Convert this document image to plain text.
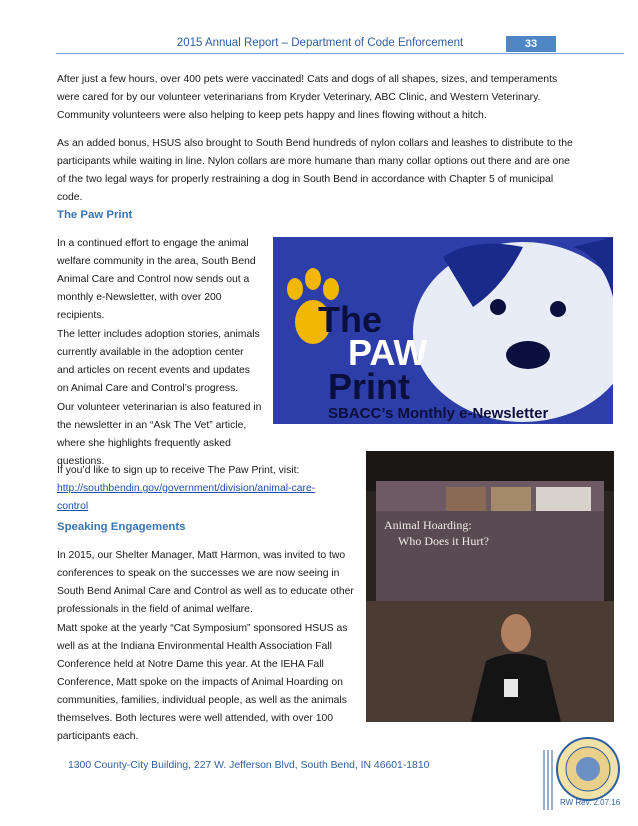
2015 Annual Report – Department of Code Enforcement	33

After just a few hours, over 400 pets were vaccinated! Cats and dogs of all shapes, sizes, and temperaments were cared for by our volunteer veterinarians from Kryder Veterinary, ABC Clinic, and Western Veterinary. Community volunteers were also helping to keep pets happy and lines flowing without a hitch.

As an added bonus, HSUS also brought to South Bend hundreds of nylon collars and leashes to distribute to the participants while waiting in line. Nylon collars are more humane than many collar options out there and are one of the two legal ways for properly restraining a dog in South Bend in accordance with Chapter 5 of municipal code.

The Paw Print

In a continued effort to engage the animal welfare community in the area, South Bend Animal Care and Control now sends out a monthly e-Newsletter, with over 200 recipients.

The letter includes adoption stories, animals currently available in the adoption center and articles on recent events and updates on Animal Care and Control’s progress.

Our volunteer veterinarian is also featured in the newsletter in an “Ask The Vet” article, where she highlights frequently asked questions.

If you’d like to sign up to receive The Paw Print, visit:
http://southbendin.gov/government/division/animal-care-control
Speaking Engagements

In 2015, our Shelter Manager, Matt Harmon, was invited to two conferences to speak on the successes we are now seeing in South Bend Animal Care and Control as well as to educate other professionals in the field of animal welfare.

Matt spoke at the yearly “Cat Symposium” sponsored HSUS as well as at the Indiana Environmental Health Association Fall Conference held at Notre Dame this year. At the IEHA Fall Conference, Matt spoke on the impacts of Animal Hoarding on communities, families, individual people, as well as the animals themselves. Both lectures were well attended, with over 100 participants each.

The
PAW
Print
SBACC’s Monthly e-Newsletter
Animal Hoarding:
Who Does it Hurt?
1300 County-City Building, 227 W. Jefferson Blvd, South Bend, IN 46601-1810
RW Rev. 2.07.16
